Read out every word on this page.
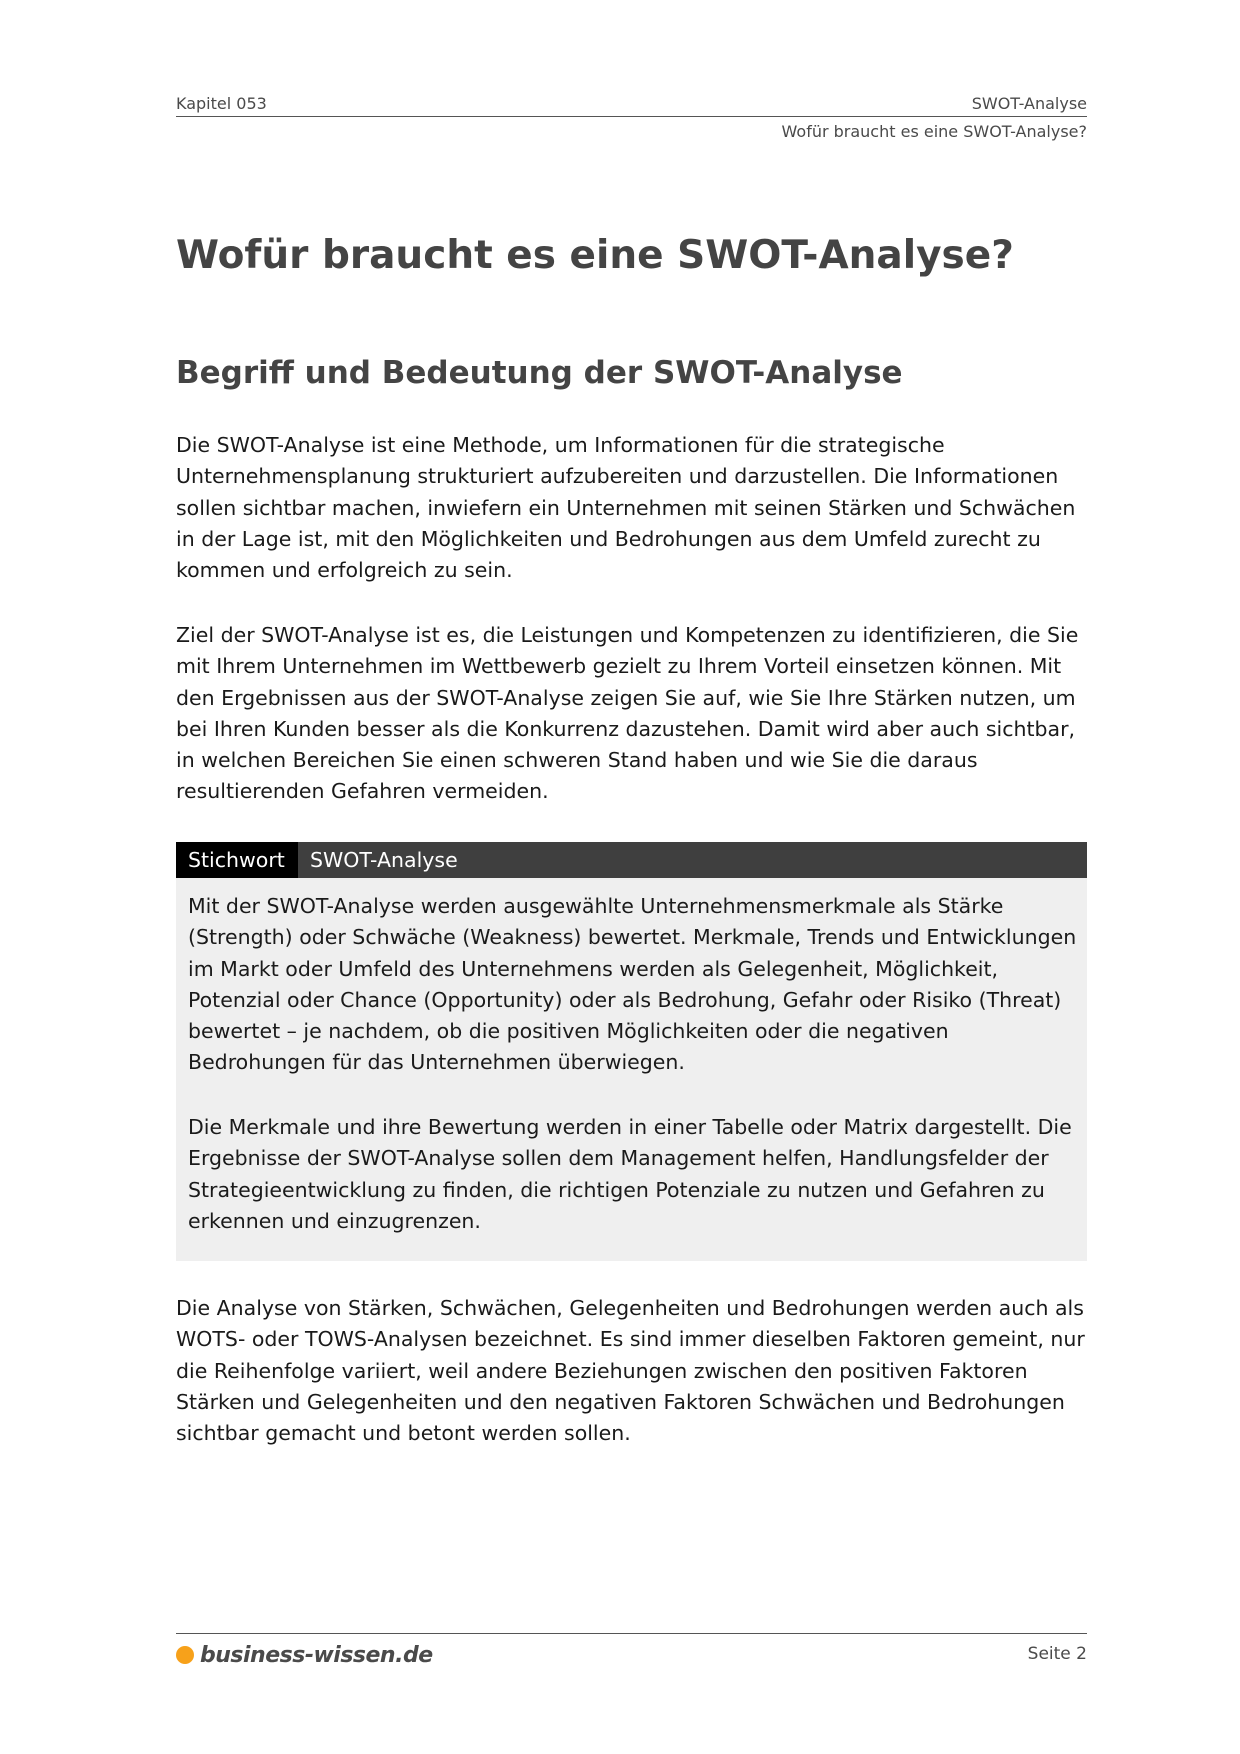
Kapitel 053	SWOT-Analyse
Wofür braucht es eine SWOT-Analyse?
Wofür braucht es eine SWOT-Analyse?
Begriff und Bedeutung der SWOT-Analyse

Die SWOT-Analyse ist eine Methode, um Informationen für die strategische Unternehmensplanung strukturiert aufzubereiten und darzustellen. Die Informationen sollen sichtbar machen, inwiefern ein Unternehmen mit seinen Stärken und Schwächen in der Lage ist, mit den Möglichkeiten und Bedrohungen aus dem Umfeld zurecht zu kommen und erfolgreich zu sein.

Ziel der SWOT-Analyse ist es, die Leistungen und Kompetenzen zu identifizieren, die Sie mit Ihrem Unternehmen im Wettbewerb gezielt zu Ihrem Vorteil einsetzen können. Mit den Ergebnissen aus der SWOT-Analyse zeigen Sie auf, wie Sie Ihre Stärken nutzen, um bei Ihren Kunden besser als die Konkurrenz dazustehen. Damit wird aber auch sichtbar, in welchen Bereichen Sie einen schweren Stand haben und wie Sie die daraus resultierenden Gefahren vermeiden.

Stichwort	SWOT-Analyse

Mit der SWOT-Analyse werden ausgewählte Unternehmensmerkmale als Stärke (Strength) oder Schwäche (Weakness) bewertet. Merkmale, Trends und Entwicklungen im Markt oder Umfeld des Unternehmens werden als Gelegenheit, Möglichkeit, Potenzial oder Chance (Opportunity) oder als Bedrohung, Gefahr oder Risiko (Threat) bewertet – je nachdem, ob die positiven Möglichkeiten oder die negativen Bedrohungen für das Unternehmen überwiegen.

Die Merkmale und ihre Bewertung werden in einer Tabelle oder Matrix dargestellt. Die Ergebnisse der SWOT-Analyse sollen dem Management helfen, Handlungsfelder der Strategieentwicklung zu finden, die richtigen Potenziale zu nutzen und Gefahren zu erkennen und einzugrenzen.

Die Analyse von Stärken, Schwächen, Gelegenheiten und Bedrohungen werden auch als WOTS- oder TOWS-Analysen bezeichnet. Es sind immer dieselben Faktoren gemeint, nur die Reihenfolge variiert, weil andere Beziehungen zwischen den positiven Faktoren Stärken und Gelegenheiten und den negativen Faktoren Schwächen und Bedrohungen sichtbar gemacht und betont werden sollen.

business-wissen.de	Seite 2
